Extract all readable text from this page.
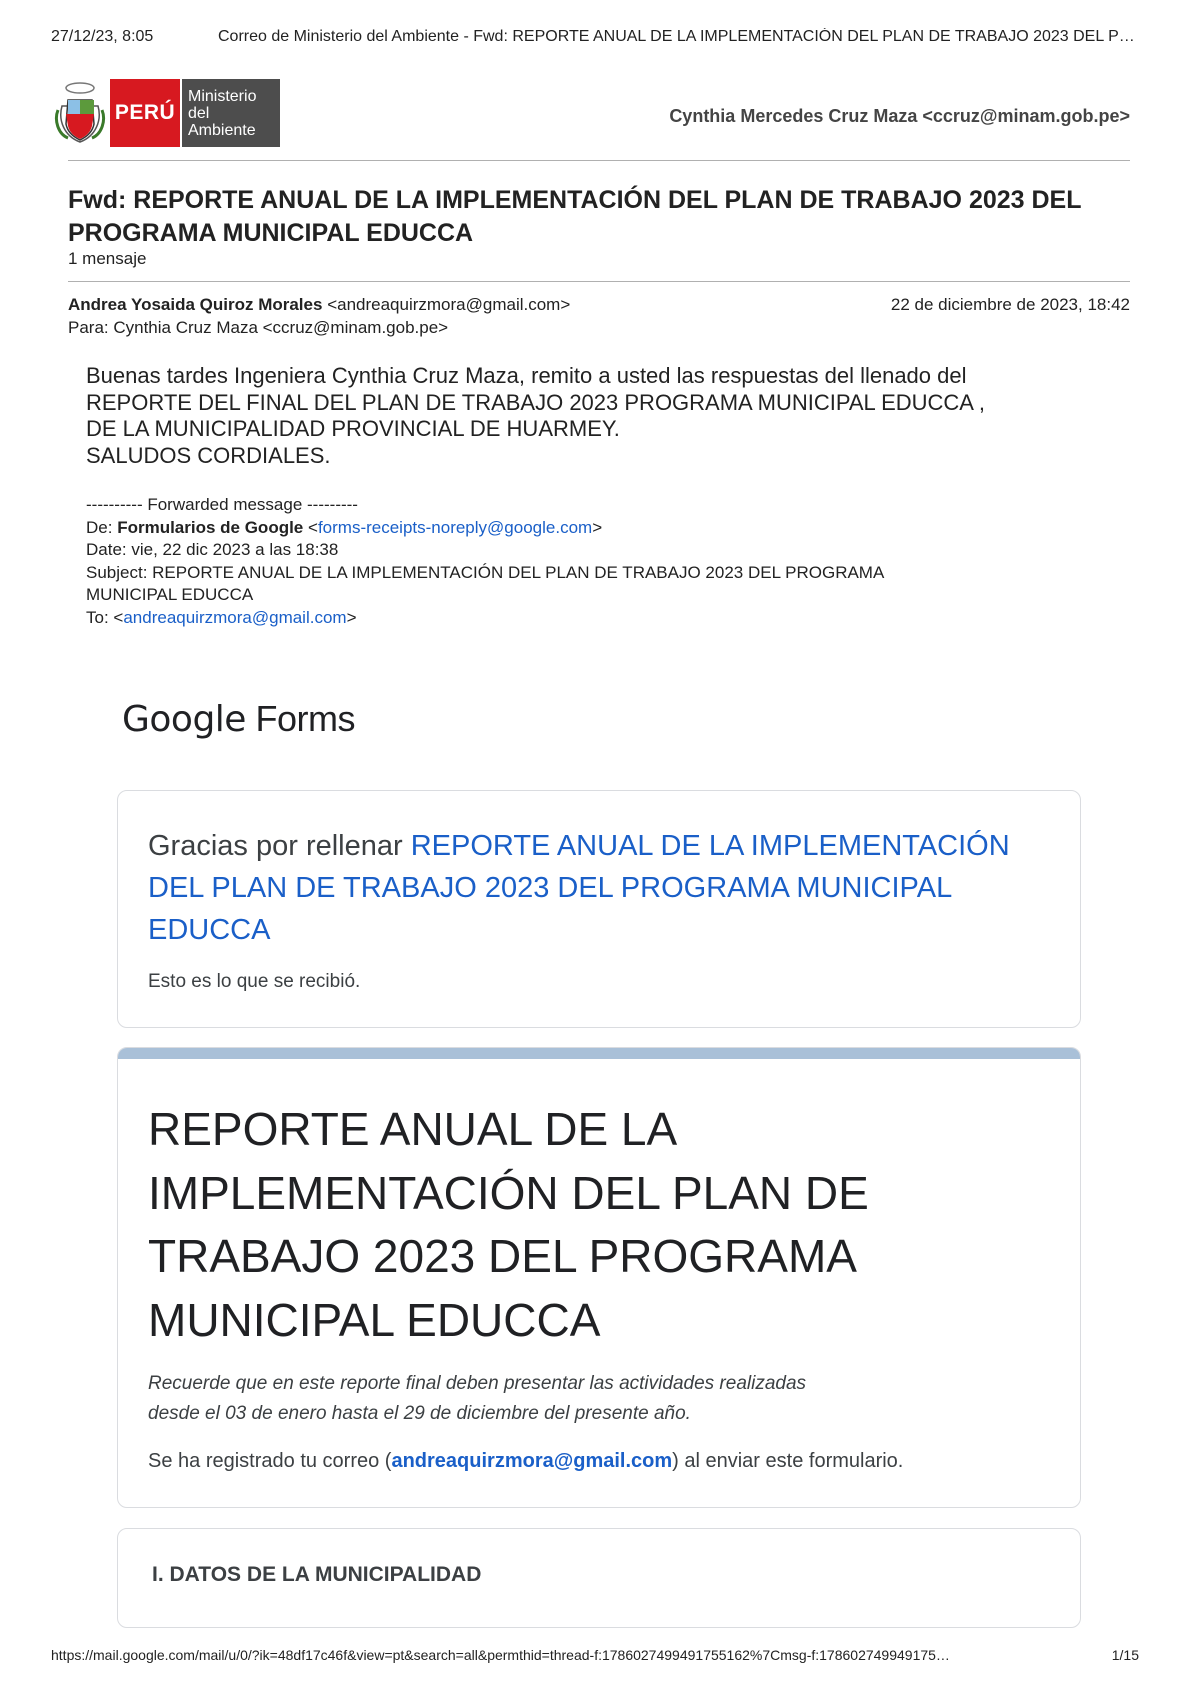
27/12/23, 8:05	Correo de Ministerio del Ambiente - Fwd: REPORTE ANUAL DE LA IMPLEMENTACIÓN DEL PLAN DE TRABAJO 2023 DEL P…
PERÚ
Ministerio
del Ambiente
Cynthia Mercedes Cruz Maza <ccruz@minam.gob.pe>
Fwd: REPORTE ANUAL DE LA IMPLEMENTACIÓN DEL PLAN DE TRABAJO 2023 DEL PROGRAMA MUNICIPAL EDUCCA
1 mensaje
Andrea Yosaida Quiroz Morales <andreaquirzmora@gmail.com>	22 de diciembre de 2023, 18:42
Para: Cynthia Cruz Maza <ccruz@minam.gob.pe>
Buenas tardes Ingeniera Cynthia Cruz Maza, remito a usted las respuestas del llenado del
REPORTE DEL FINAL DEL PLAN DE TRABAJO 2023 PROGRAMA MUNICIPAL EDUCCA ,
DE LA MUNICIPALIDAD PROVINCIAL DE HUARMEY.
SALUDOS CORDIALES.
---------- Forwarded message ---------
De: Formularios de Google <forms-receipts-noreply@google.com>
Date: vie, 22 dic 2023 a las 18:38
Subject: REPORTE ANUAL DE LA IMPLEMENTACIÓN DEL PLAN DE TRABAJO 2023 DEL PROGRAMA
MUNICIPAL EDUCCA
To: <andreaquirzmora@gmail.com>
Google Forms
Gracias por rellenar REPORTE ANUAL DE LA IMPLEMENTACIÓN DEL PLAN DE TRABAJO 2023 DEL PROGRAMA MUNICIPAL EDUCCA
Esto es lo que se recibió.
REPORTE ANUAL DE LA IMPLEMENTACIÓN DEL PLAN DE TRABAJO 2023 DEL PROGRAMA MUNICIPAL EDUCCA
Recuerde que en este reporte final deben presentar las actividades realizadas
desde el 03 de enero hasta el 29 de diciembre del presente año.
Se ha registrado tu correo (andreaquirzmora@gmail.com) al enviar este formulario.
I. DATOS DE LA MUNICIPALIDAD
https://mail.google.com/mail/u/0/?ik=48df17c46f&view=pt&search=all&permthid=thread-f:1786027499491755162%7Cmsg-f:178602749949175…	1/15
